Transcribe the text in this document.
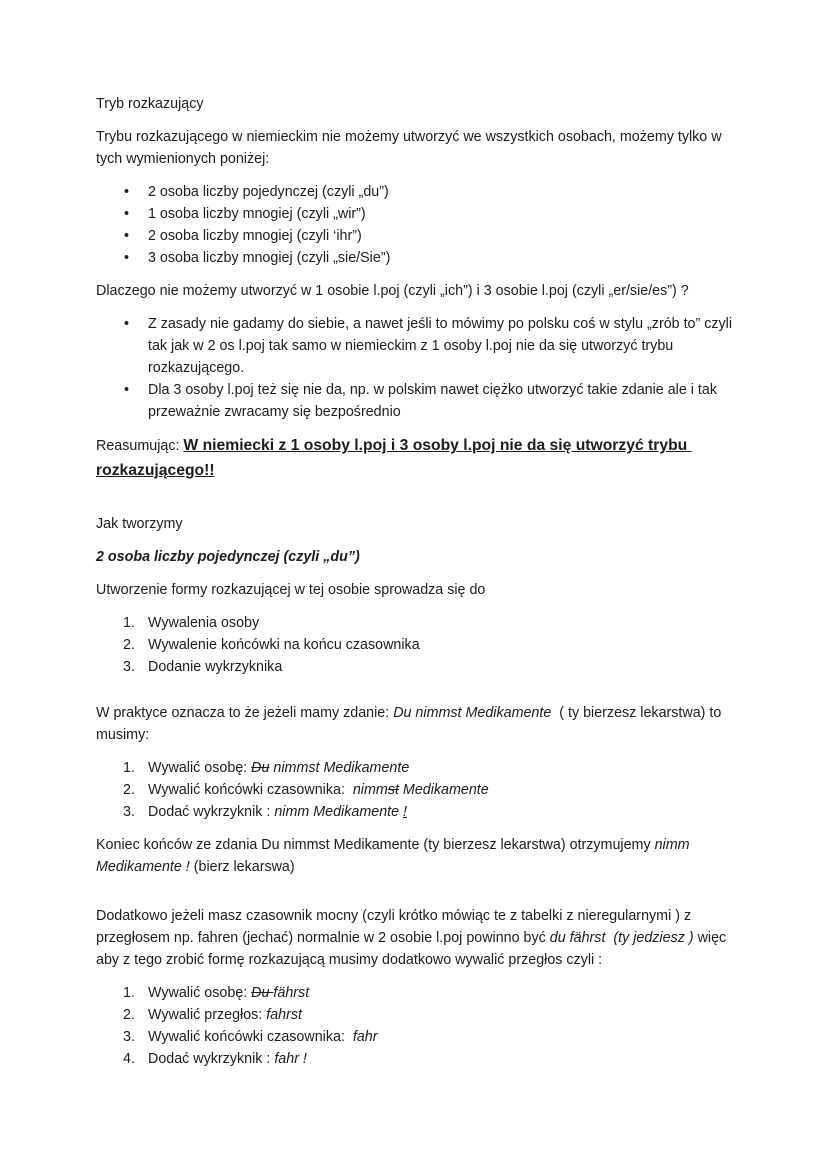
Tryb rozkazujący

Trybu rozkazującego w niemieckim nie możemy utworzyć we wszystkich osobach, możemy tylko w tych wymienionych poniżej:

• 2 osoba liczby pojedynczej (czyli „du”)
• 1 osoba liczby mnogiej (czyli „wir”)
• 2 osoba liczby mnogiej (czyli ‘ihr”)
• 3 osoba liczby mnogiej (czyli „sie/Sie”)

Dlaczego nie możemy utworzyć w 1 osobie l.poj (czyli „ich”) i 3 osobie l.poj (czyli „er/sie/es”) ?

• Z zasady nie gadamy do siebie, a nawet jeśli to mówimy po polsku coś w stylu „zrób to” czyli tak jak w 2 os l.poj tak samo w niemieckim z 1 osoby l.poj nie da się utworzyć trybu rozkazującego.
• Dla 3 osoby l.poj też się nie da, np. w polskim nawet ciężko utworzyć takie zdanie ale i tak przeważnie zwracamy się bezpośrednio

Reasumując: W niemiecki z 1 osoby l.poj i 3 osoby l.poj nie da się utworzyć trybu rozkazującego!!

Jak tworzymy

2 osoba liczby pojedynczej (czyli „du”)

Utworzenie formy rozkazującej w tej osobie sprowadza się do

Wywalenia osoby
Wywalenie końcówki na końcu czasownika
Dodanie wykrzyknika

W praktyce oznacza to że jeżeli mamy zdanie: Du nimmst Medikamente  ( ty bierzesz lekarstwa) to musimy:

Wywalić osobę: Du nimmst Medikamente
Wywalić końcówki czasownika:  nimmst Medikamente
Dodać wykrzyknik : nimm Medikamente !

Koniec końców ze zdania Du nimmst Medikamente (ty bierzesz lekarstwa) otrzymujemy nimm Medikamente ! (bierz lekarswa)

Dodatkowo jeżeli masz czasownik mocny (czyli krótko mówiąc te z tabelki z nieregularnymi ) z przegłosem np. fahren (jechać) normalnie w 2 osobie l.poj powinno być du fährst  (ty jedziesz ) więc aby z tego zrobić formę rozkazującą musimy dodatkowo wywalić przegłos czyli :

Wywalić osobę: Du fährst
Wywalić przegłos: fahrst
Wywalić końcówki czasownika:  fahr
Dodać wykrzyknik : fahr !
